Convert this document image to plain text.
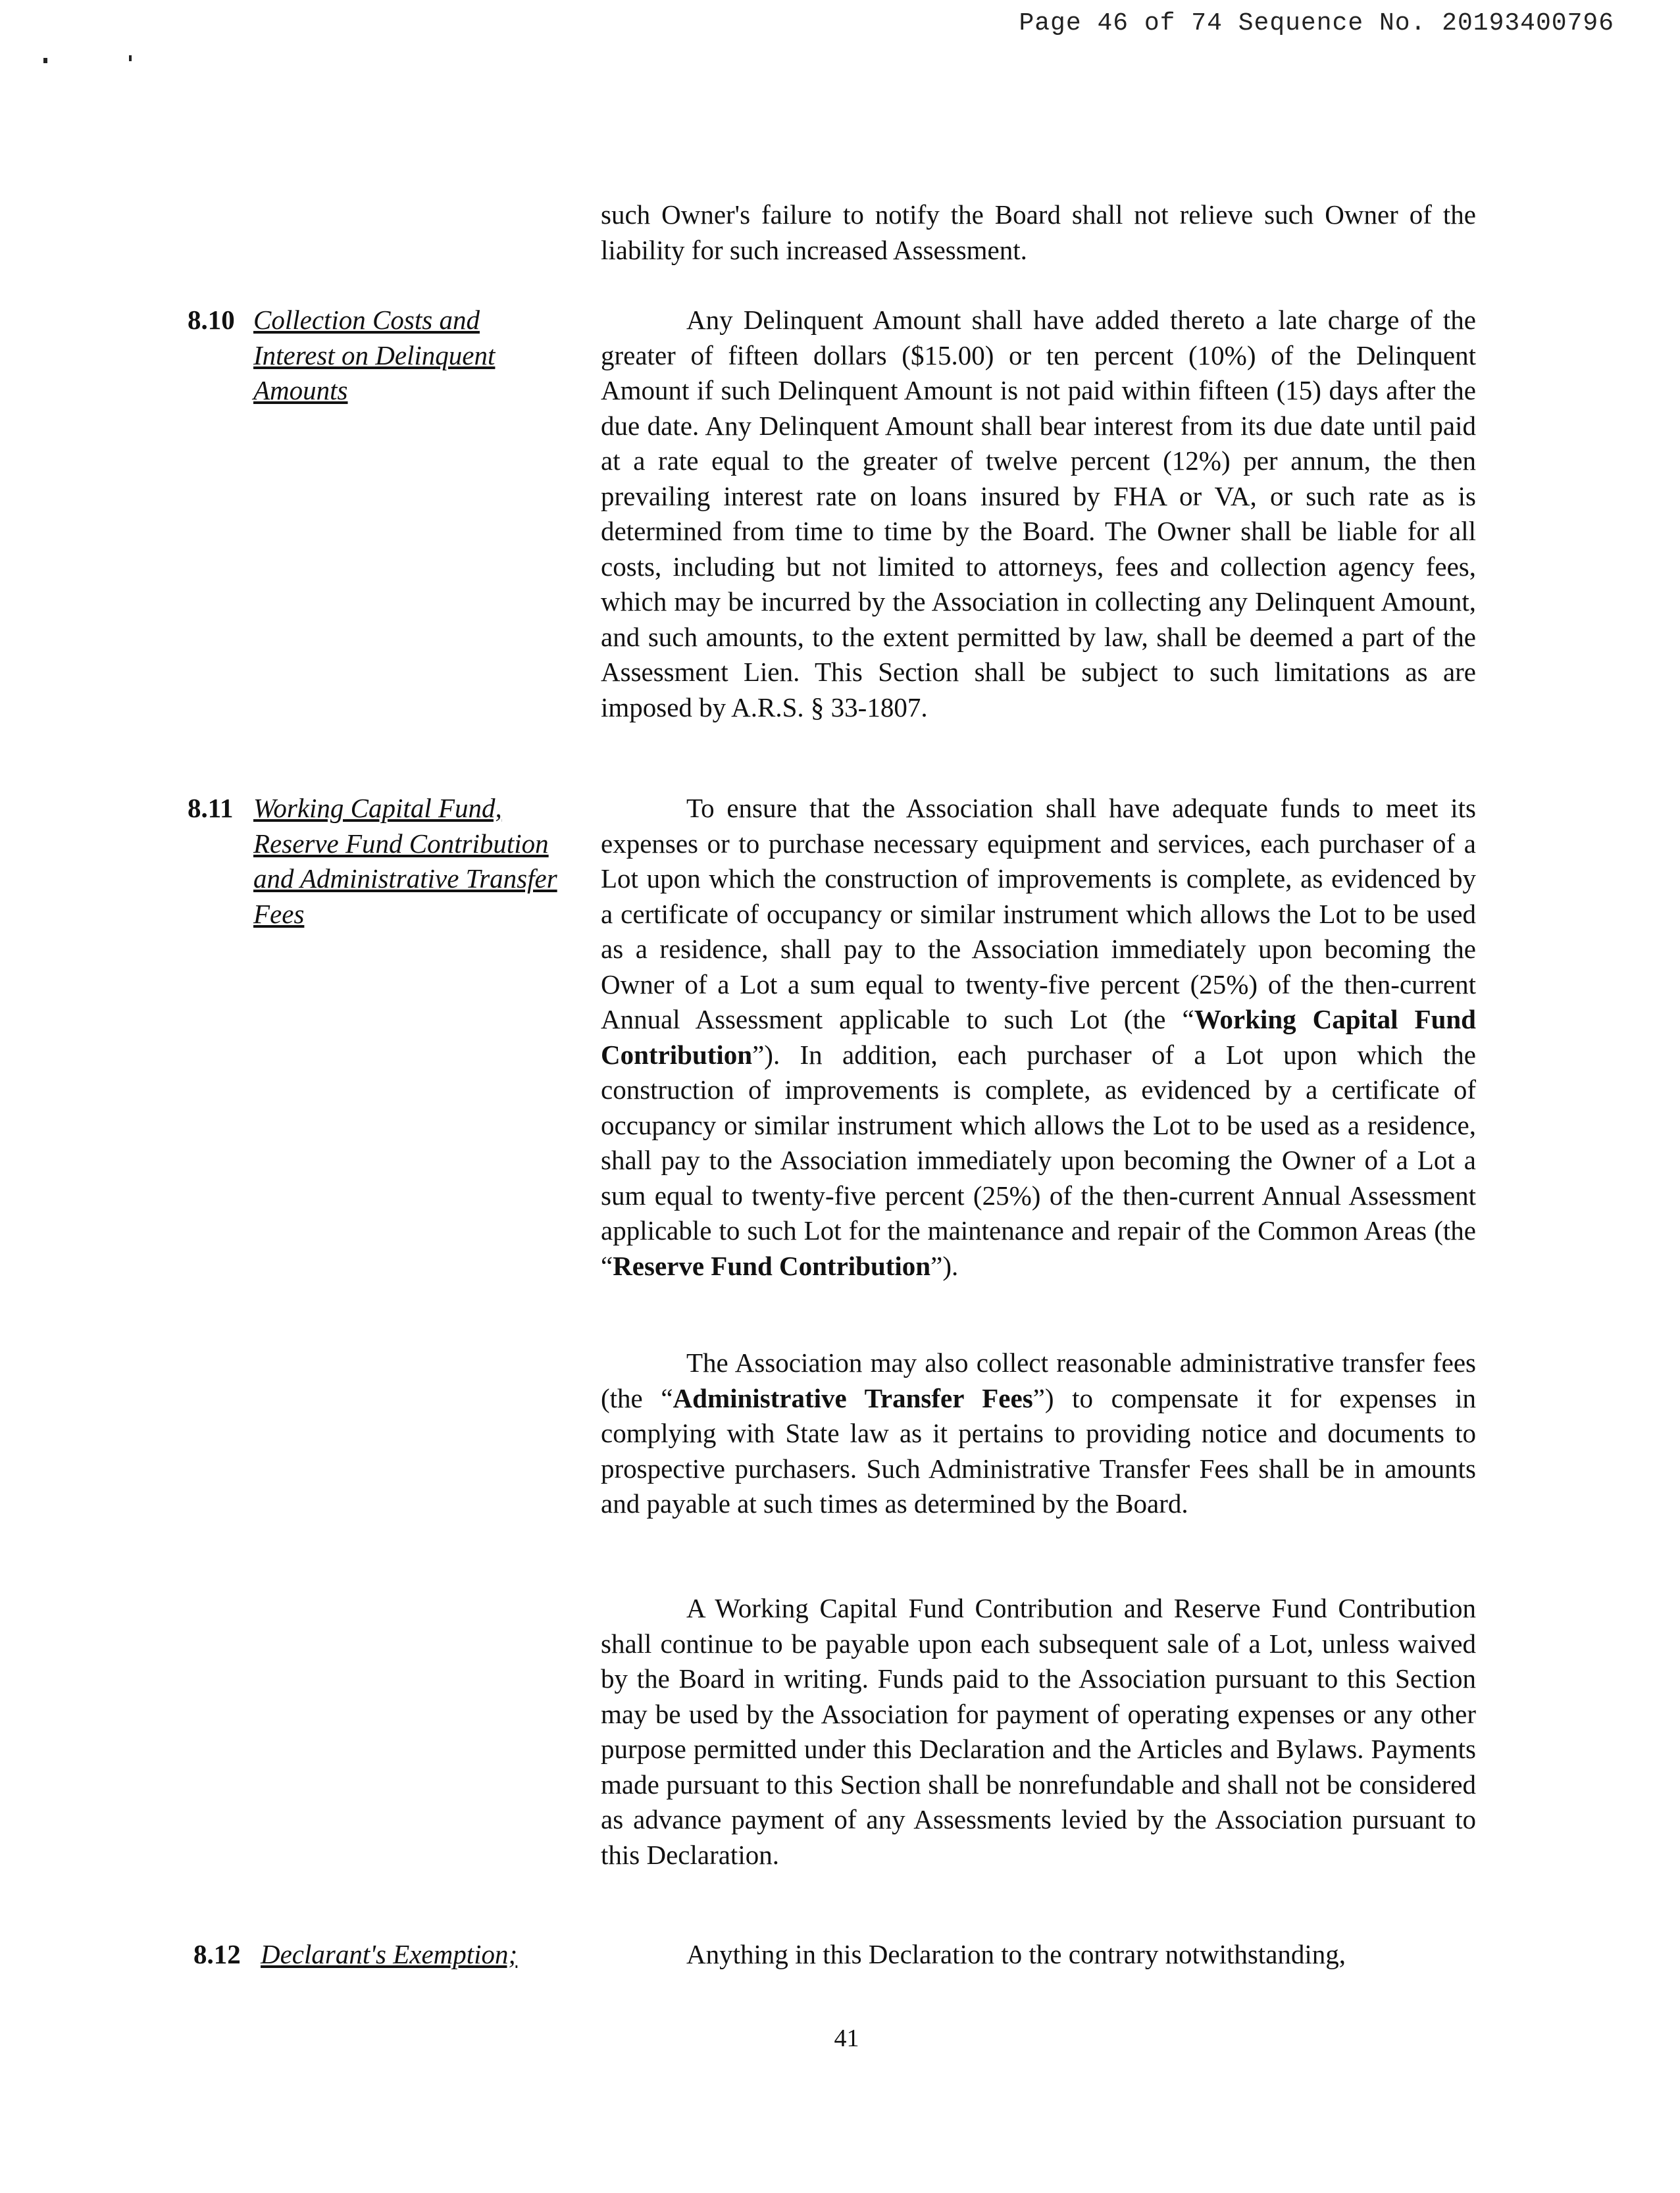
Page 46 of 74 Sequence No. 20193400796

such Owner's failure to notify the Board shall not relieve such Owner of the liability for such increased Assessment.

8.10 Collection Costs and Interest on Delinquent Amounts

Any Delinquent Amount shall have added thereto a late charge of the greater of fifteen dollars ($15.00) or ten percent (10%) of the Delinquent Amount if such Delinquent Amount is not paid within fifteen (15) days after the due date. Any Delinquent Amount shall bear interest from its due date until paid at a rate equal to the greater of twelve percent (12%) per annum, the then prevailing interest rate on loans insured by FHA or VA, or such rate as is determined from time to time by the Board. The Owner shall be liable for all costs, including but not limited to attorneys, fees and collection agency fees, which may be incurred by the Association in collecting any Delinquent Amount, and such amounts, to the extent permitted by law, shall be deemed a part of the Assessment Lien. This Section shall be subject to such limitations as are imposed by A.R.S. § 33-1807.

8.11 Working Capital Fund, Reserve Fund Contribution and Administrative Transfer Fees

To ensure that the Association shall have adequate funds to meet its expenses or to purchase necessary equipment and services, each purchaser of a Lot upon which the construction of improvements is complete, as evidenced by a certificate of occupancy or similar instrument which allows the Lot to be used as a residence, shall pay to the Association immediately upon becoming the Owner of a Lot a sum equal to twenty-five percent (25%) of the then-current Annual Assessment applicable to such Lot (the “Working Capital Fund Contribution”). In addition, each purchaser of a Lot upon which the construction of improvements is complete, as evidenced by a certificate of occupancy or similar instrument which allows the Lot to be used as a residence, shall pay to the Association immediately upon becoming the Owner of a Lot a sum equal to twenty-five percent (25%) of the then-current Annual Assessment applicable to such Lot for the maintenance and repair of the Common Areas (the “Reserve Fund Contribution”).

The Association may also collect reasonable administrative transfer fees (the “Administrative Transfer Fees”) to compensate it for expenses in complying with State law as it pertains to providing notice and documents to prospective purchasers. Such Administrative Transfer Fees shall be in amounts and payable at such times as determined by the Board.

A Working Capital Fund Contribution and Reserve Fund Contribution shall continue to be payable upon each subsequent sale of a Lot, unless waived by the Board in writing. Funds paid to the Association pursuant to this Section may be used by the Association for payment of operating expenses or any other purpose permitted under this Declaration and the Articles and Bylaws. Payments made pursuant to this Section shall be nonrefundable and shall not be considered as advance payment of any Assessments levied by the Association pursuant to this Declaration.

8.12 Declarant's Exemption;	Anything in this Declaration to the contrary notwithstanding,

41
